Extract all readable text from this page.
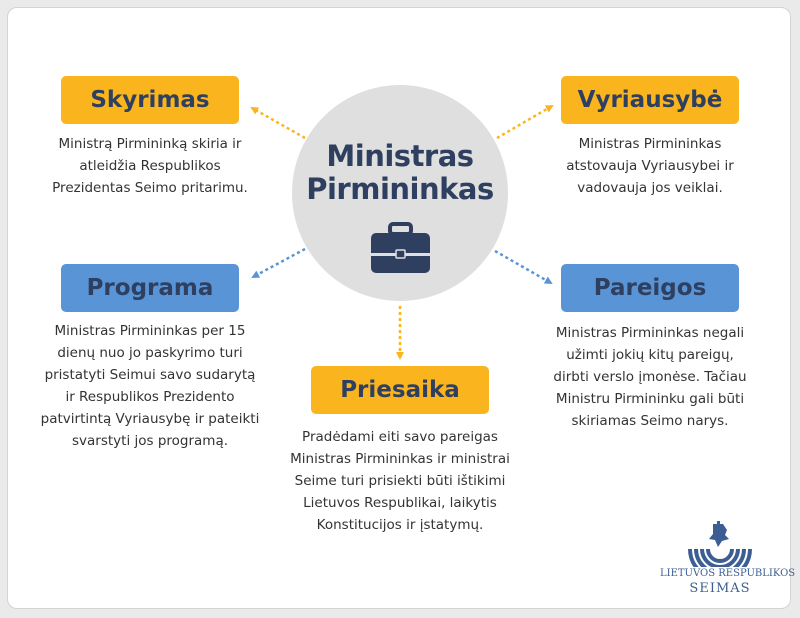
Ministras
Pirmininkas
Skyrimas
Ministrą Pirmininką skiria ir
atleidžia Respublikos
Prezidentas Seimo pritarimu.
Vyriausybė
Ministras Pirmininkas
atstovauja Vyriausybei ir
vadovauja jos veiklai.
Programa
Ministras Pirmininkas per 15
dienų nuo jo paskyrimo turi
pristatyti Seimui savo sudarytą
ir Respublikos Prezidento
patvirtintą Vyriausybę ir pateikti
svarstyti jos programą.
Pareigos
Ministras Pirmininkas negali
užimti jokių kitų pareigų,
dirbti verslo įmonėse. Tačiau
Ministru Pirmininku gali būti
skiriamas Seimo narys.
Priesaika
Pradėdami eiti savo pareigas
Ministras Pirmininkas ir ministrai
Seime turi prisiekti būti ištikimi
Lietuvos Respublikai, laikytis
Konstitucijos ir įstatymų.
LIETUVOS RESPUBLIKOS
SEIMAS
